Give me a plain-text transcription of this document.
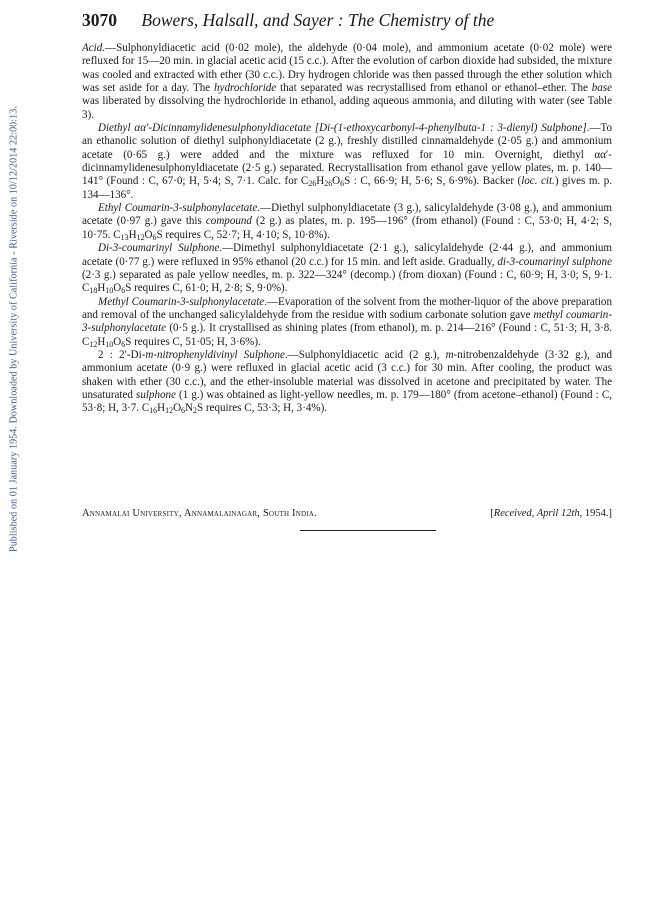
Published on 01 January 1954. Downloaded by University of California - Riverside on 10/12/2014 22:00:13.
3070 Bowers, Halsall, and Sayer : The Chemistry of the

Acid.—Sulphonyldiacetic acid (0·02 mole), the aldehyde (0·04 mole), and ammonium acetate (0·02 mole) were refluxed for 15—20 min. in glacial acetic acid (15 c.c.). After the evolution of carbon dioxide had subsided, the mixture was cooled and extracted with ether (30 c.c.). Dry hydrogen chloride was then passed through the ether solution which was set aside for a day. The hydrochloride that separated was recrystallised from ethanol or ethanol–ether. The base was liberated by dissolving the hydrochloride in ethanol, adding aqueous ammonia, and diluting with water (see Table 3).

Diethyl αα′-Dicinnamylidenesulphonyldiacetate [Di-(1-ethoxycarbonyl-4-phenylbuta-1 : 3-dienyl) Sulphone].—To an ethanolic solution of diethyl sulphonyldiacetate (2 g.), freshly distilled cinnamaldehyde (2·05 g.) and ammonium acetate (0·65 g.) were added and the mixture was refluxed for 10 min. Overnight, diethyl αα′-dicinnamylidenesulphonyldiacetate (2·5 g.) separated. Recrystallisation from ethanol gave yellow plates, m. p. 140—141° (Found : C, 67·0; H, 5·4; S, 7·1. Calc. for $C_{26}H_{26}O_6S$ : C, 66·9; H, 5·6; S, 6·9%). Backer (loc. cit.) gives m. p. 134—136°.

Ethyl Coumarin-3-sulphonylacetate.—Diethyl sulphonyldiacetate (3 g.), salicylaldehyde (3·08 g.), and ammonium acetate (0·97 g.) gave this compound (2 g.) as plates, m. p. 195—196° (from ethanol) (Found : C, 53·0; H, 4·2; S, 10·75. $C_{13}H_{12}O_6S$ requires C, 52·7; H, 4·10; S, 10·8%).

Di-3-coumarinyl Sulphone.—Dimethyl sulphonyldiacetate (2·1 g.), salicylaldehyde (2·44 g.), and ammonium acetate (0·77 g.) were refluxed in 95% ethanol (20 c.c.) for 15 min. and left aside. Gradually, di-3-coumarinyl sulphone (2·3 g.) separated as pale yellow needles, m. p. 322—324° (decomp.) (from dioxan) (Found : C, 60·9; H, 3·0; S, 9·1. $C_{18}H_{10}O_6S$ requires C, 61·0; H, 2·8; S, 9·0%).

Methyl Coumarin-3-sulphonylacetate.—Evaporation of the solvent from the mother-liquor of the above preparation and removal of the unchanged salicylaldehyde from the residue with sodium carbonate solution gave methyl coumarin-3-sulphonylacetate (0·5 g.). It crystallised as shining plates (from ethanol), m. p. 214—216° (Found : C, 51·3; H, 3·8. $C_{12}H_{10}O_6S$ requires C, 51·05; H, 3·6%).

2 : 2′-Di-m-nitrophenyldivinyl Sulphone.—Sulphonyldiacetic acid (2 g.), m-nitrobenzaldehyde (3·32 g.), and ammonium acetate (0·9 g.) were refluxed in glacial acetic acid (3 c.c.) for 30 min. After cooling, the product was shaken with ether (30 c.c.), and the ether-insoluble material was dissolved in acetone and precipitated by water. The unsaturated sulphone (1 g.) was obtained as light-yellow needles, m. p. 179—180° (from acetone–ethanol) (Found : C, 53·8; H, 3·7. $C_{16}H_{12}O_6N_2S$ requires C, 53·3; H, 3·4%).

Annamalai University, Annamalainagar, South India.	[Received, April 12th, 1954.]
